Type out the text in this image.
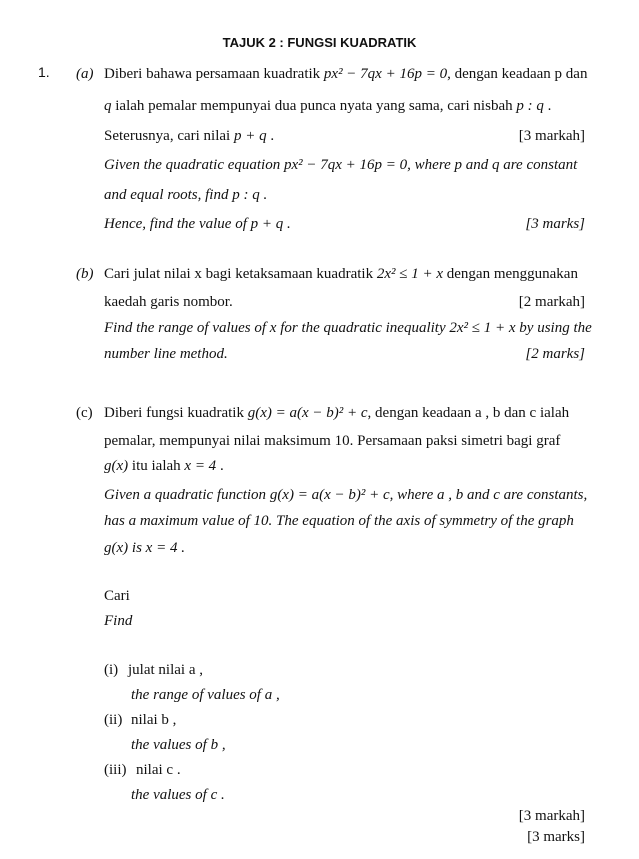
TAJUK 2 : FUNGSI KUADRATIK
1. (a) Diberi bahawa persamaan kuadratik px² − 7qx + 16p = 0, dengan keadaan p dan
q ialah pemalar mempunyai dua punca nyata yang sama, cari nisbah p : q .
Seterusnya, cari nilai p + q .	[3 markah]
Given the quadratic equation px² − 7qx + 16p = 0, where p and q are constant
and equal roots, find p : q .
Hence, find the value of p + q .	[3 marks]
(b) Cari julat nilai x bagi ketaksamaan kuadratik 2x² ≤ 1 + x dengan menggunakan
kaedah garis nombor.	[2 markah]
Find the range of values of x for the quadratic inequality 2x² ≤ 1 + x by using the
number line method.	[2 marks]
(c) Diberi fungsi kuadratik g(x) = a(x − b)² + c, dengan keadaan a , b dan c ialah
pemalar, mempunyai nilai maksimum 10. Persamaan paksi simetri bagi graf
g(x) itu ialah x = 4 .
Given a quadratic function g(x) = a(x − b)² + c, where a , b and c are constants,
has a maximum value of 10. The equation of the axis of symmetry of the graph
g(x) is x = 4 .
Cari
Find
(i) julat nilai a ,
the range of values of a ,
(ii) nilai b ,
the values of b ,
(iii) nilai c .
the values of c .
[3 markah]
[3 marks]
